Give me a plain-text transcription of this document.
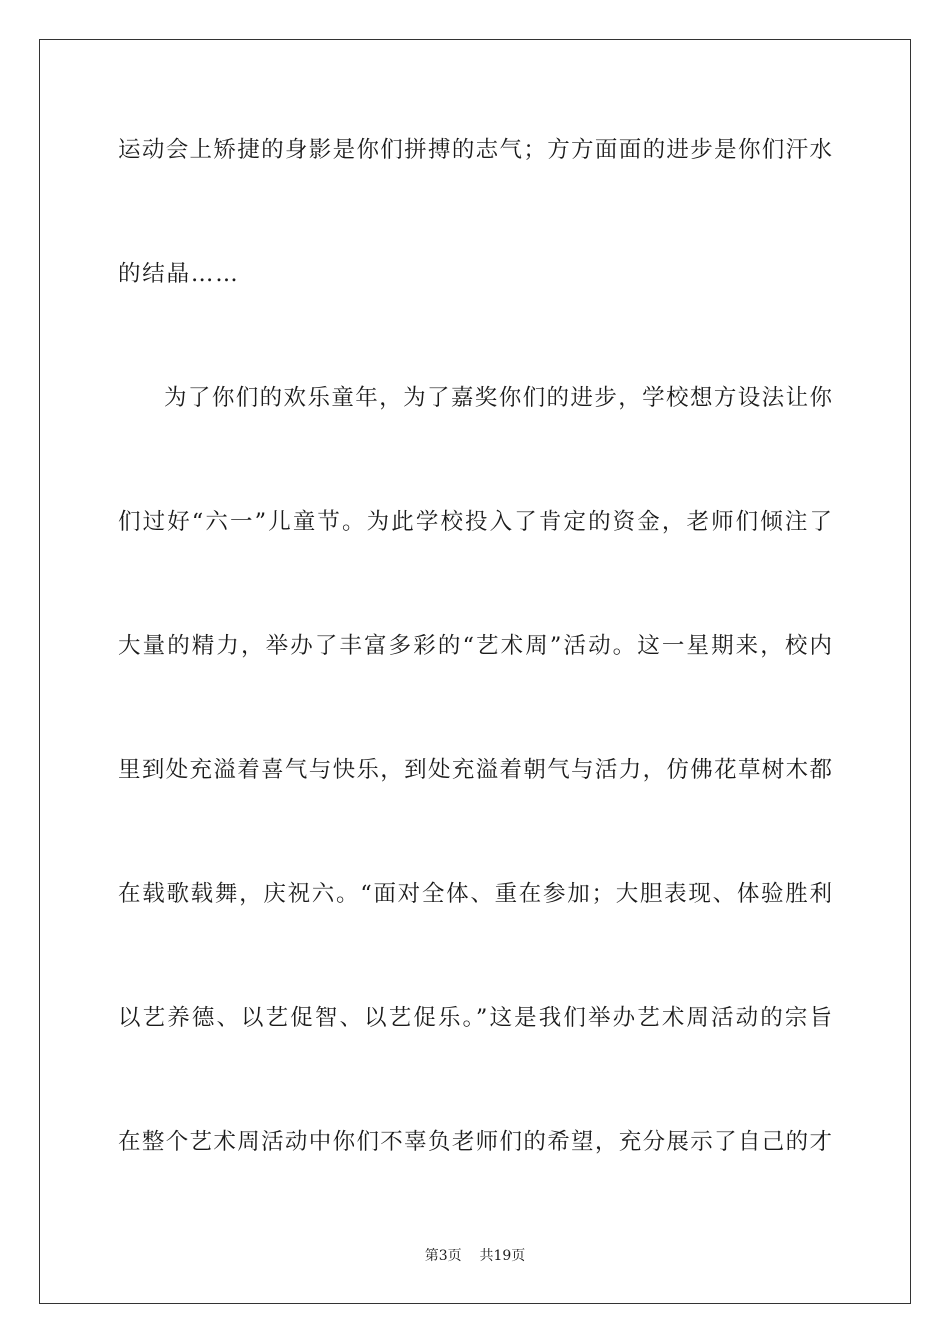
运动会上矫捷的身影是你们拼搏的志气；方方面面的进步是你们汗水
的结晶……
为了你们的欢乐童年，为了嘉奖你们的进步，学校想方设法让你
们过好“六一”儿童节。为此学校投入了肯定的资金，老师们倾注了
大量的精力，举办了丰富多彩的“艺术周”活动。这一星期来，校内
里到处充溢着喜气与快乐，到处充溢着朝气与活力，仿佛花草树木都
在载歌载舞，庆祝六。“面对全体、重在参加；大胆表现、体验胜利
以艺养德、以艺促智、以艺促乐。”这是我们举办艺术周活动的宗旨
在整个艺术周活动中你们不辜负老师们的希望，充分展示了自己的才
第3页    共19页
